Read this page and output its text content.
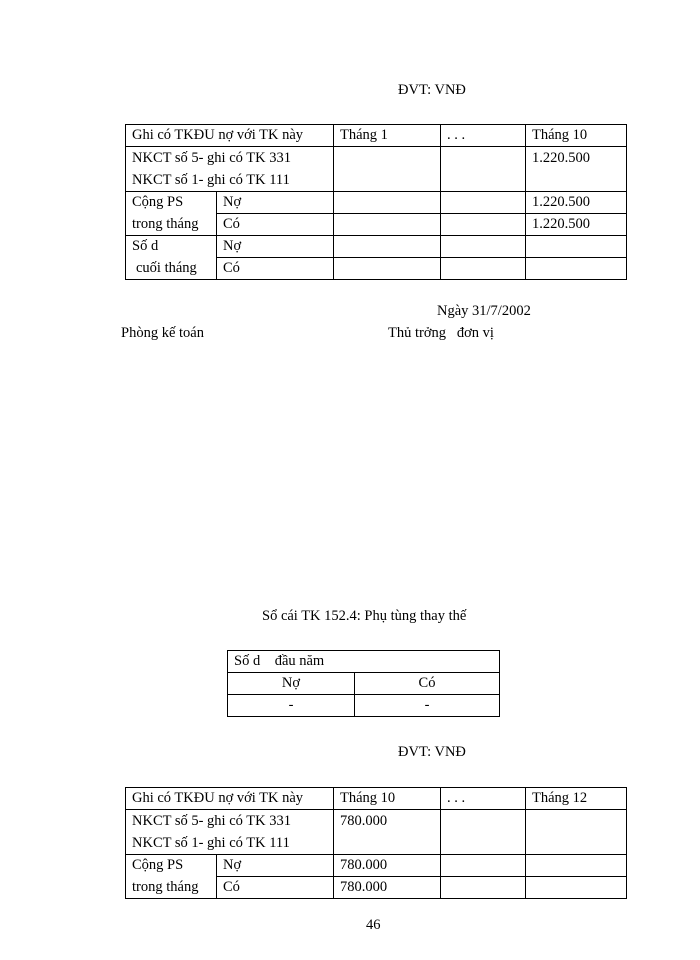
ĐVT: VNĐ
Ghi có TKĐU nợ với TK này		Tháng 1	. . .	Tháng 10

NKCT số 5- ghi có TK 331
NKCT số 1- ghi có TK 111				1.220.500

Cộng PS	Nợ			1.220.500
trong tháng	Có			1.220.500
Số d	Nợ			
cuối tháng	Có			
Ngày 31/7/2002
Phòng kế toán	Thủ trởng   đơn vị
Sổ cái TK 152.4: Phụ tùng thay thế
Số d    đầu năm	
Nợ	Có
-	-
ĐVT: VNĐ
Ghi có TKĐU nợ với TK này		Tháng 10	. . .	Tháng 12

NKCT số 5- ghi có TK 331
NKCT số 1- ghi có TK 111		780.000		

Cộng PS	Nợ	780.000		
trong tháng	Có	780.000		
46
